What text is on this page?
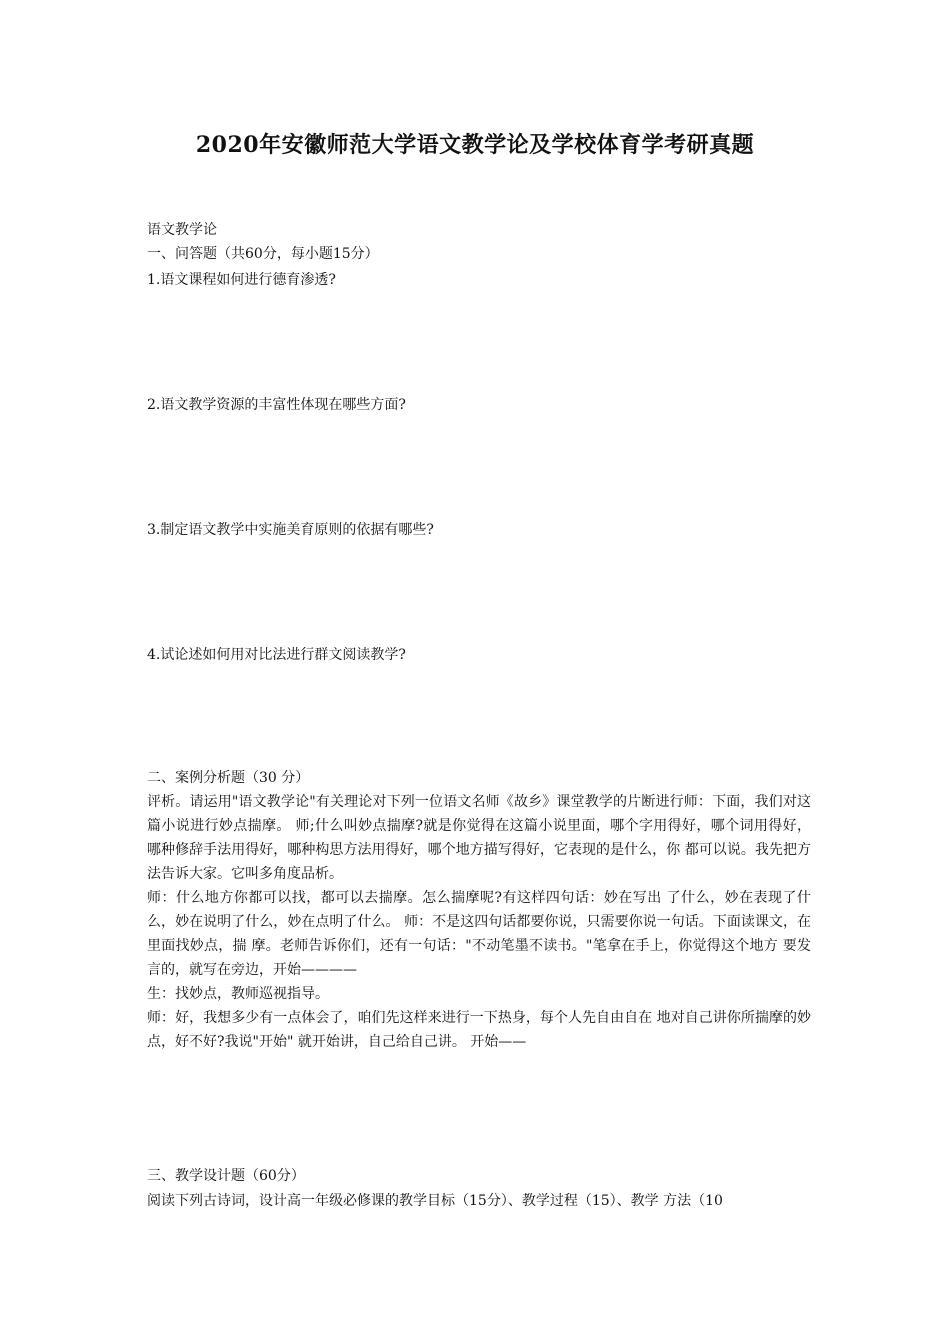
2020年安徽师范大学语文教学论及学校体育学考研真题
语文教学论
一、问答题（共60分，每小题15分）
1.语文课程如何进行德育渗透?
2.语文教学资源的丰富性体现在哪些方面?
3.制定语文教学中实施美育原则的依据有哪些?
4.试论述如何用对比法进行群文阅读教学?
二、案例分析题（30 分）
评析。请运用"语文教学论"有关理论对下列一位语文名师《故乡》课堂教学的片断进行师：下面，我们对这篇小说进行妙点揣摩。 师;什么叫妙点揣摩?就是你觉得在这篇小说里面，哪个字用得好，哪个词用得好， 哪种修辞手法用得好，哪种构思方法用得好，哪个地方描写得好，它表现的是什么，你 都可以说。我先把方法告诉大家。它叫多角度品析。
师：什么地方你都可以找，都可以去揣摩。怎么揣摩呢?有这样四句话：妙在写出 了什么，妙在表现了什么，妙在说明了什么，妙在点明了什么。 师：不是这四句话都要你说，只需要你说一句话。下面读课文，在里面找妙点，揣 摩。老师告诉你们，还有一句话："不动笔墨不读书。"笔拿在手上，你觉得这个地方 要发言的，就写在旁边，开始————
生：找妙点，教师巡视指导。
师：好，我想多少有一点体会了，咱们先这样来进行一下热身，每个人先自由自在 地对自己讲你所揣摩的妙点，好不好?我说"开始" 就开始讲，自己给自己讲。 开始——
三、教学设计题（60分）
阅读下列古诗词，设计高一年级必修课的教学目标（15分）、教学过程（15）、教学 方法（10
